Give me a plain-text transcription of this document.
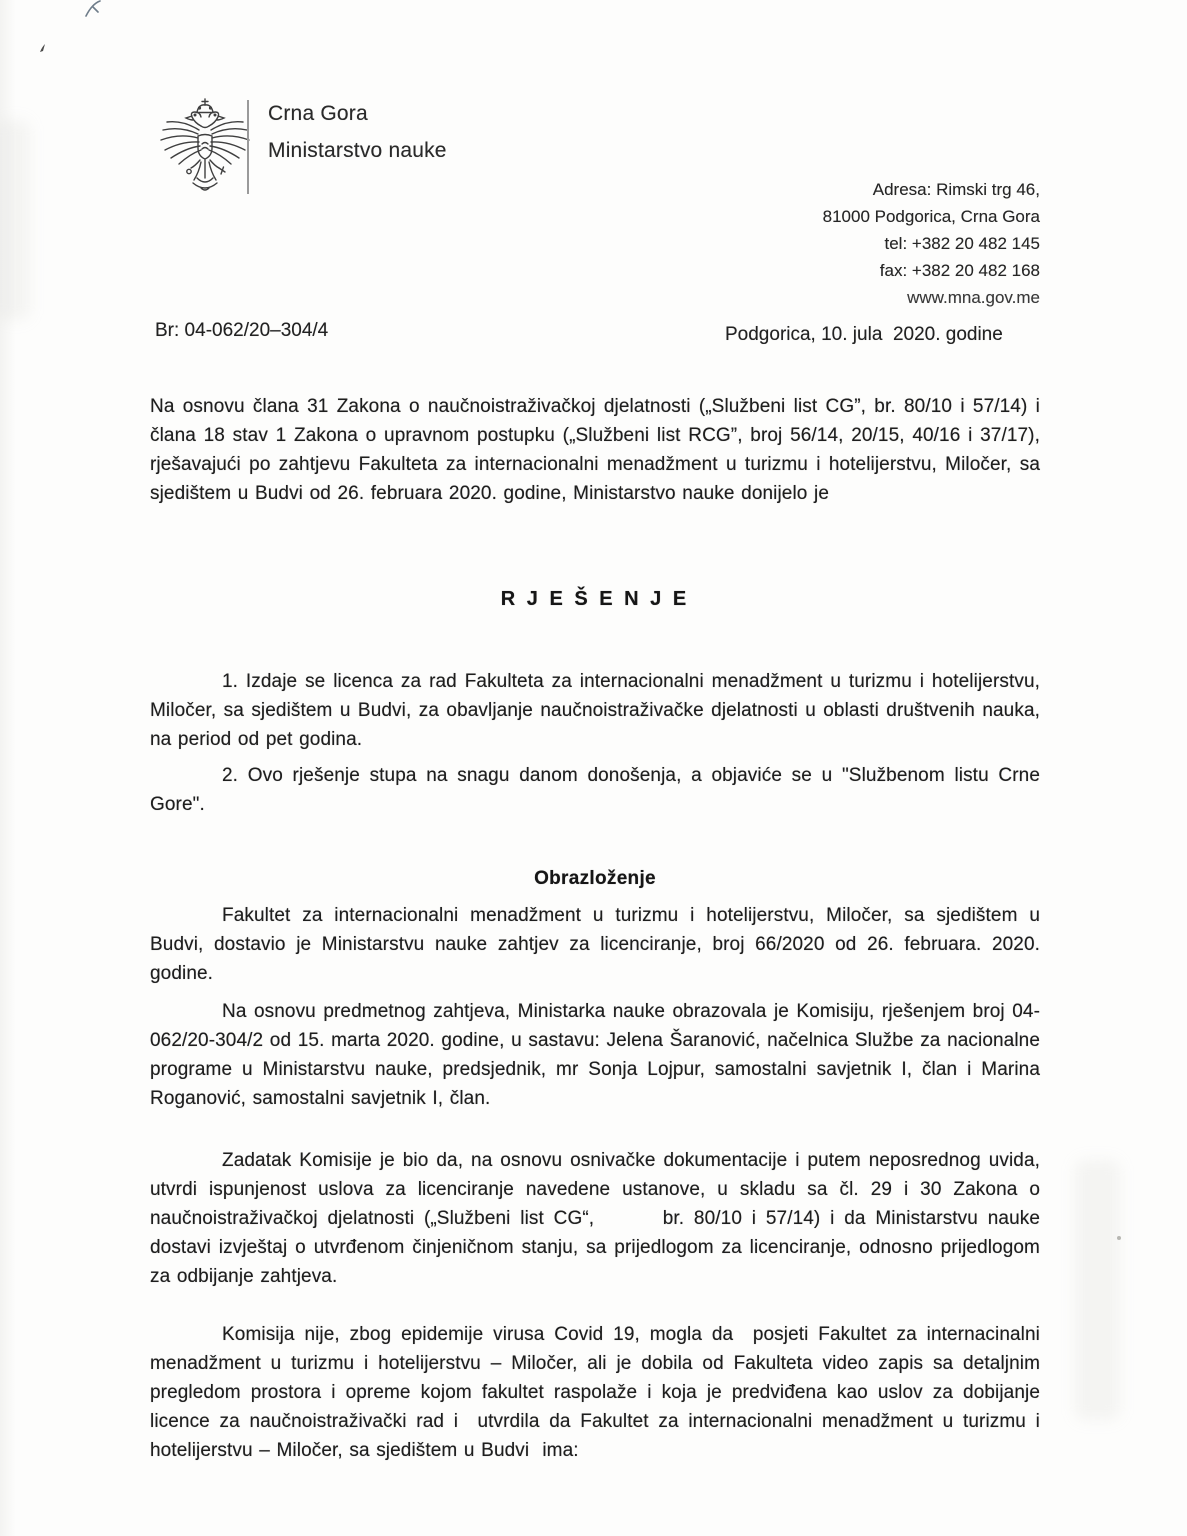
Crna Gora
Ministarstvo nauke
Adresa: Rimski trg 46,
81000 Podgorica, Crna Gora
tel: +382 20 482 145
fax: +382 20 482 168
www.mna.gov.me
Br: 04-062/20–304/4	Podgorica, 10. jula  2020. godine
Na osnovu člana 31 Zakona o naučnoistraživačkoj djelatnosti („Službeni list CG”, br. 80/10 i 57/14) i člana 18 stav 1 Zakona o upravnom postupku („Službeni list RCG”, broj 56/14, 20/15, 40/16 i 37/17), rješavajući po zahtjevu Fakulteta za internacionalni menadžment u turizmu i hotelijerstvu, Miločer, sa sjedištem u Budvi od 26. februara 2020. godine, Ministarstvo nauke donijelo je
R J E Š E N J E
1. Izdaje se licenca za rad Fakulteta za internacionalni menadžment u turizmu i hotelijerstvu, Miločer, sa sjedištem u Budvi, za obavljanje naučnoistraživačke djelatnosti u oblasti društvenih nauka, na period od pet godina.
2. Ovo rješenje stupa na snagu danom donošenja, a objaviće se u "Službenom listu Crne Gore".
Obrazloženje
Fakultet za internacionalni menadžment u turizmu i hotelijerstvu, Miločer, sa sjedištem u Budvi, dostavio je Ministarstvu nauke zahtjev za licenciranje, broj 66/2020 od 26. februara. 2020. godine.
Na osnovu predmetnog zahtjeva, Ministarka nauke obrazovala je Komisiju, rješenjem broj 04-062/20-304/2 od 15. marta 2020. godine, u sastavu: Jelena Šaranović, načelnica Službe za nacionalne programe u Ministarstvu nauke, predsjednik, mr Sonja Lojpur, samostalni savjetnik I, član i Marina Roganović, samostalni savjetnik I, član.
Zadatak Komisije je bio da, na osnovu osnivačke dokumentacije i putem neposrednog uvida, utvrdi ispunjenost uslova za licenciranje navedene ustanove, u skladu sa čl. 29 i 30 Zakona o naučnoistraživačkoj djelatnosti („Službeni list CG“,       br. 80/10 i 57/14) i da Ministarstvu nauke dostavi izvještaj o utvrđenom činjeničnom stanju, sa prijedlogom za licenciranje, odnosno prijedlogom za odbijanje zahtjeva.
Komisija nije, zbog epidemije virusa Covid 19, mogla da  posjeti Fakultet za internacinalni menadžment u turizmu i hotelijerstvu – Miločer, ali je dobila od Fakulteta video zapis sa detaljnim pregledom prostora i opreme kojom fakultet raspolaže i koja je predviđena kao uslov za dobijanje licence za naučnoistraživački rad i  utvrdila da Fakultet za internacionalni menadžment u turizmu i hotelijerstvu – Miločer, sa sjedištem u Budvi  ima:
